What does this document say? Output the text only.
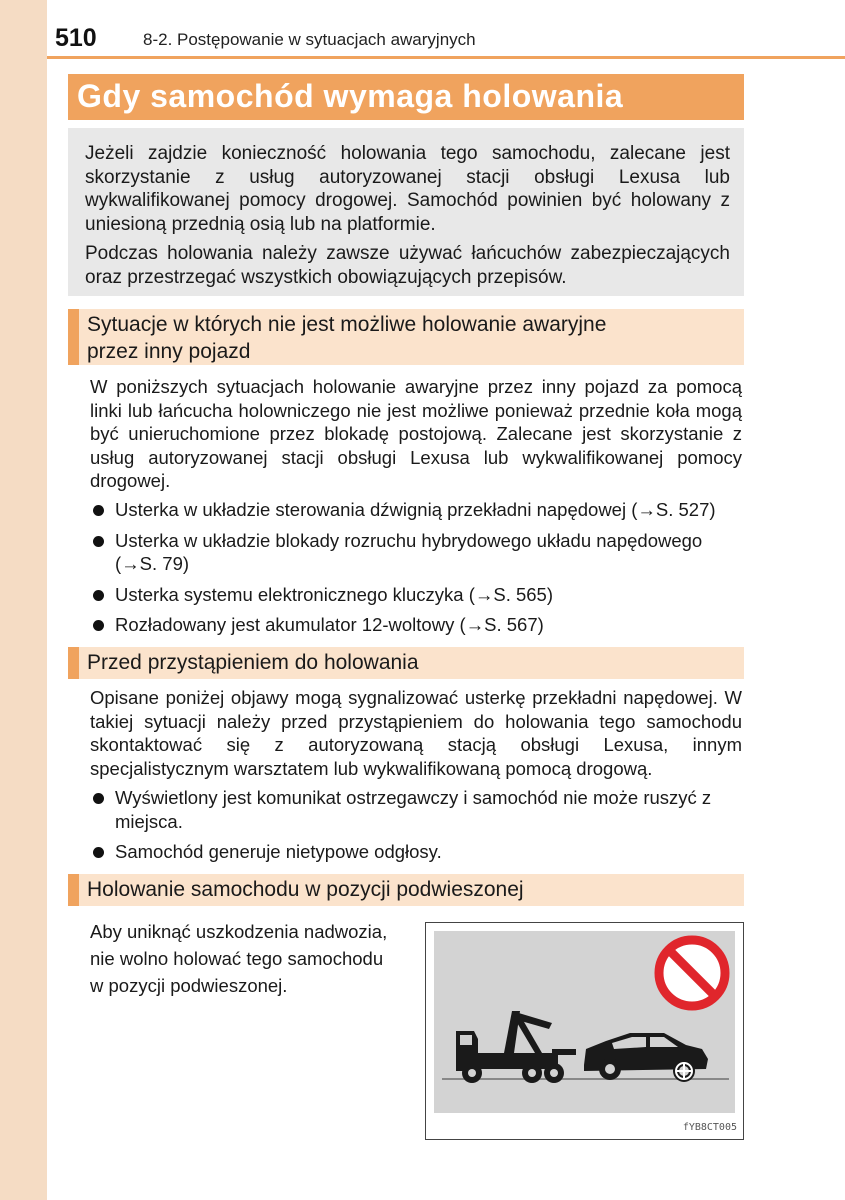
510	8-2. Postępowanie w sytuacjach awaryjnych
Gdy samochód wymaga holowania

Jeżeli zajdzie konieczność holowania tego samochodu, zalecane jest skorzystanie z usług autoryzowanej stacji obsługi Lexusa lub wykwalifikowanej pomocy drogowej. Samochód powinien być holowany z uniesioną przednią osią lub na platformie.

Podczas holowania należy zawsze używać łańcuchów zabezpieczających oraz przestrzegać wszystkich obowiązujących przepisów.

Sytuacje w których nie jest możliwe holowanie awaryjne
przez inny pojazd

W poniższych sytuacjach holowanie awaryjne przez inny pojazd za pomocą linki lub łańcucha holowniczego nie jest możliwe ponieważ przednie koła mogą być unieruchomione przez blokadę postojową. Zalecane jest skorzystanie z usług autoryzowanej stacji obsługi Lexusa lub wykwalifikowanej pomocy drogowej.

Usterka w układzie sterowania dźwignią przekładni napędowej (→S. 527)
Usterka w układzie blokady rozruchu hybrydowego układu napędowego (→S. 79)
Usterka systemu elektronicznego kluczyka (→S. 565)
Rozładowany jest akumulator 12-woltowy (→S. 567)
Przed przystąpieniem do holowania

Opisane poniżej objawy mogą sygnalizować usterkę przekładni napędowej. W takiej sytuacji należy przed przystąpieniem do holowania tego samochodu skontaktować się z autoryzowaną stacją obsługi Lexusa, innym specjalistycznym warsztatem lub wykwalifikowaną pomocą drogową.

Wyświetlony jest komunikat ostrzegawczy i samochód nie może ruszyć z miejsca.
Samochód generuje nietypowe odgłosy.
Holowanie samochodu w pozycji podwieszonej

Aby uniknąć uszkodzenia nadwozia,
nie wolno holować tego samochodu
w pozycji podwieszonej.

fYB8CT005
